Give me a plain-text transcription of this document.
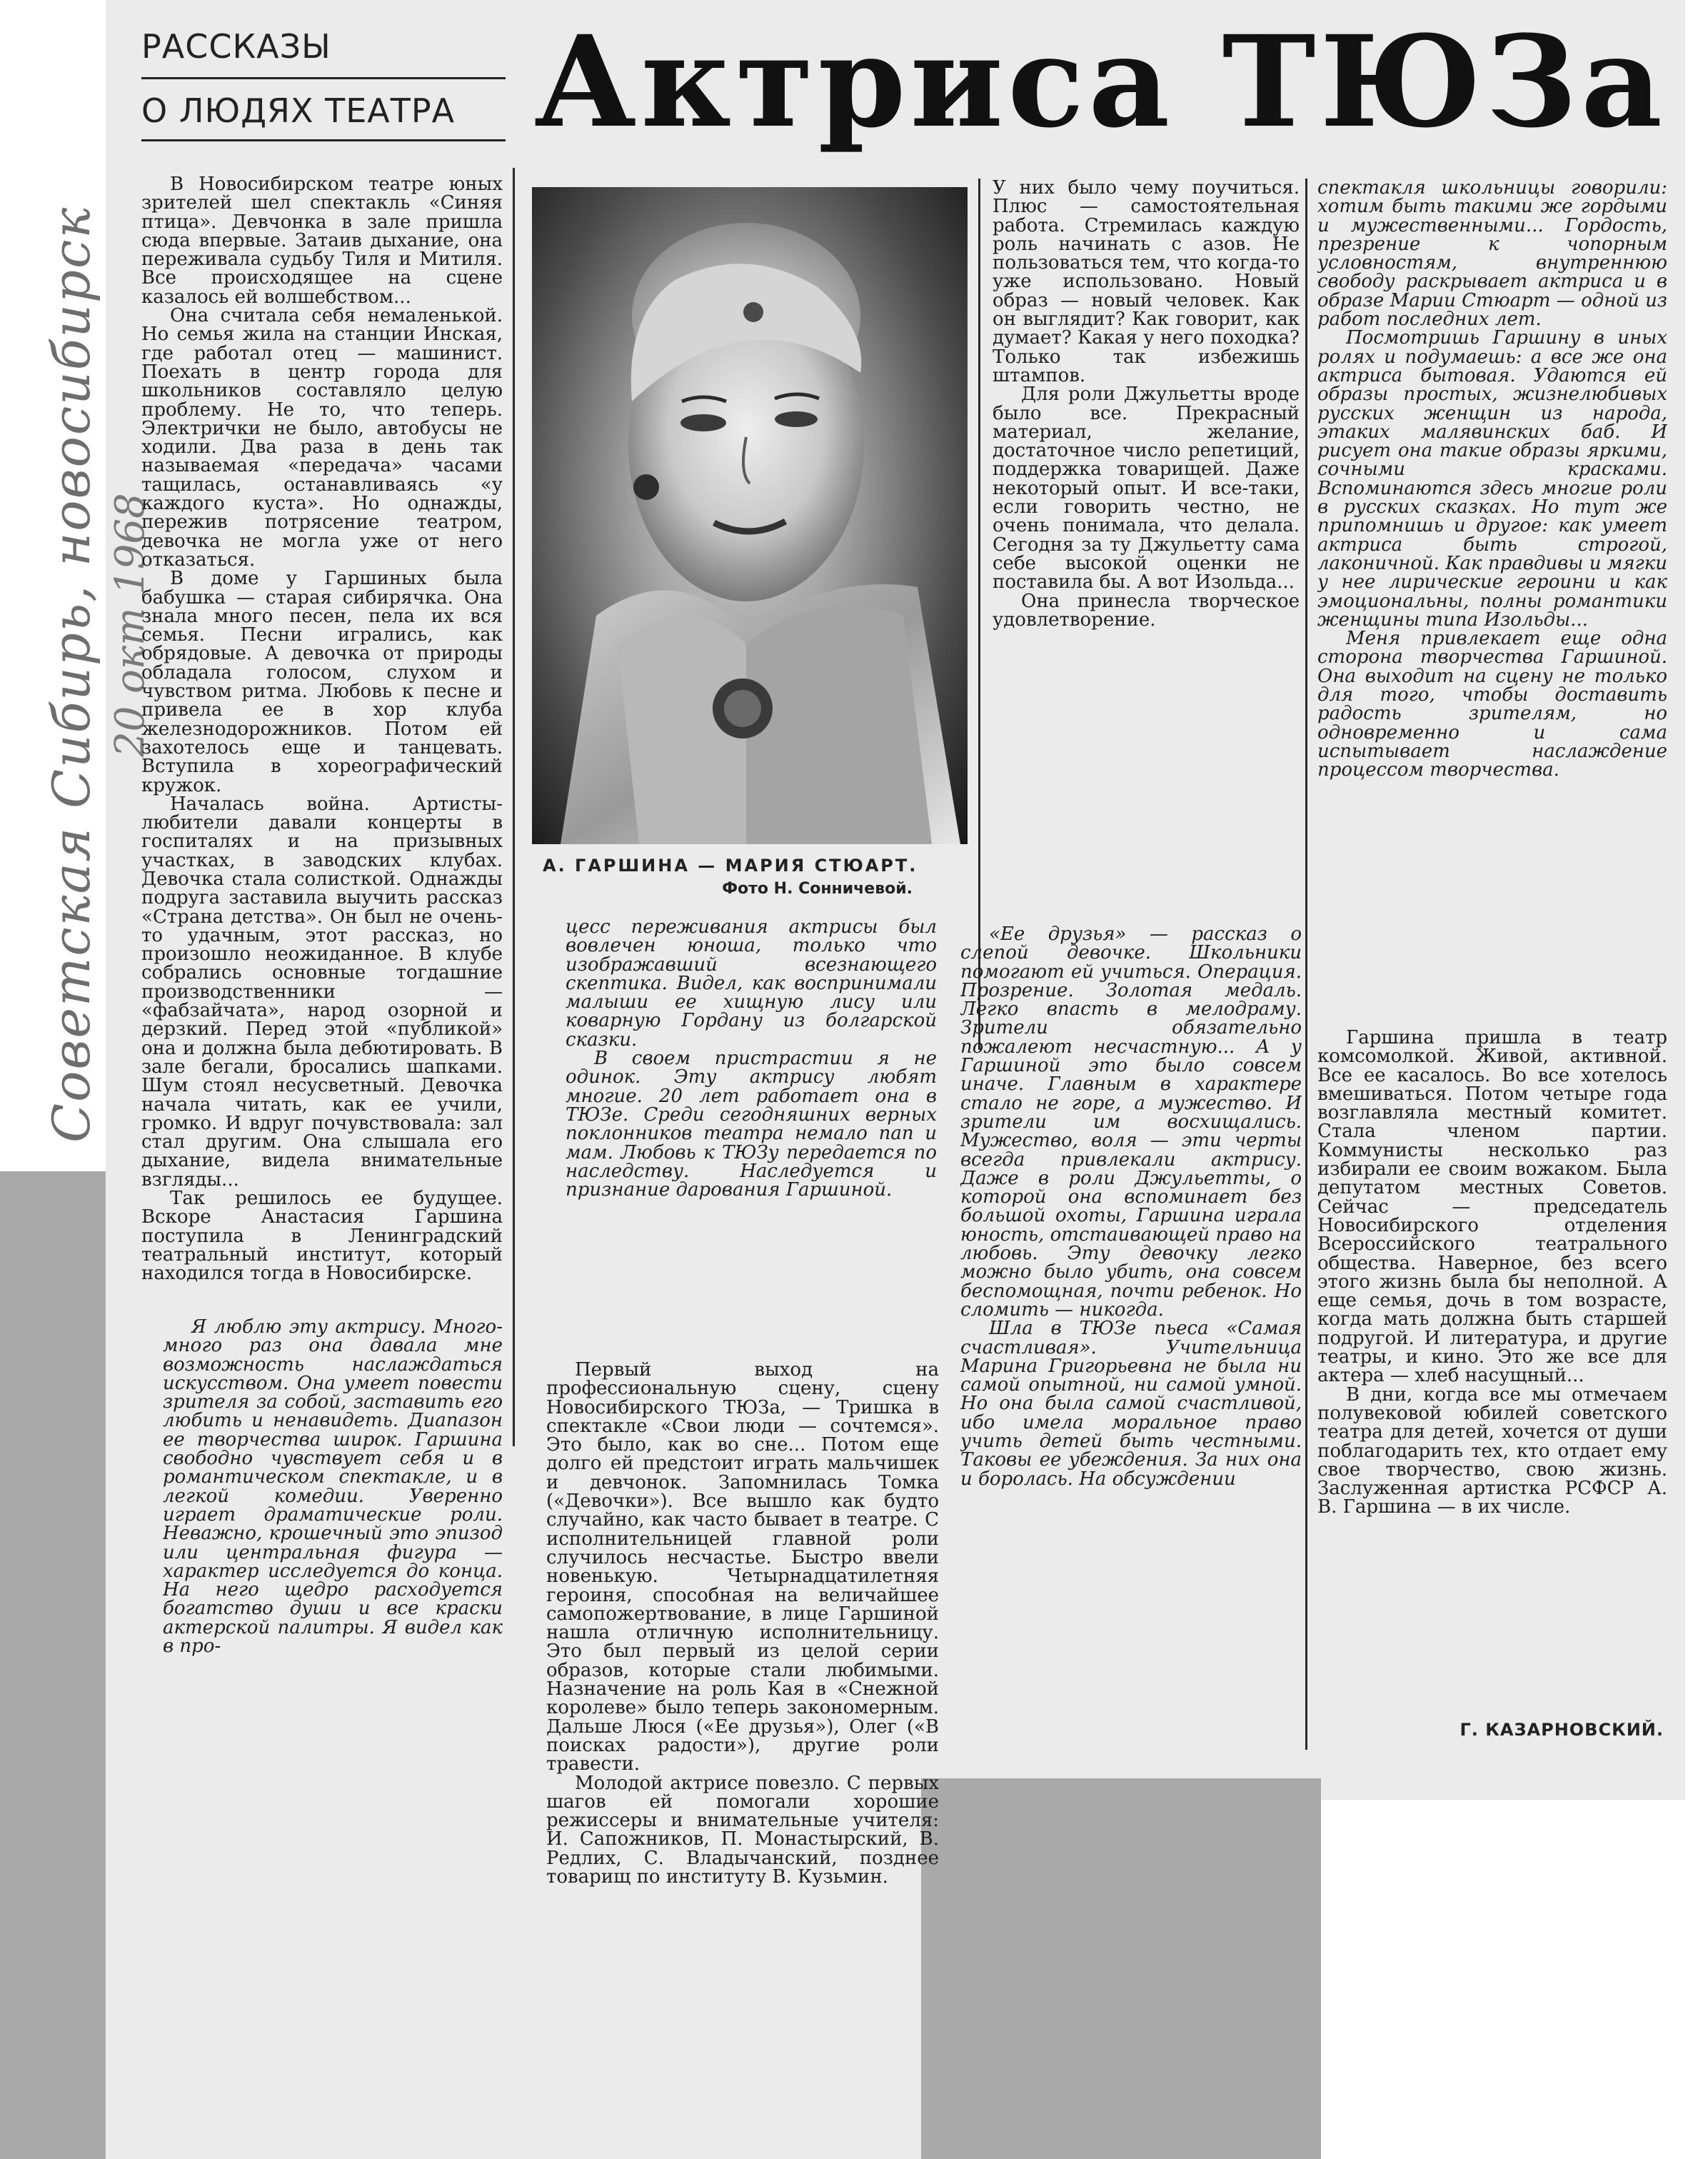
Советская Сибирь, новосибирск 20 окт 1968
РАССКАЗЫ
О ЛЮДЯХ ТЕАТРА Актриса ТЮЗа
А. ГАРШИНА — МАРИЯ СТЮАРТ.
Фото Н. Сонничевой.

В Новосибирском театре юных зрителей шел спектакль «Синяя птица». Девчонка в зале пришла сюда впервые. Затаив дыхание, она переживала судьбу Тиля и Митиля. Все происходящее на сцене казалось ей волшебством...

Она считала себя немаленькой. Но семья жила на станции Инская, где работал отец — машинист. Поехать в центр города для школьников составляло целую проблему. Не то, что теперь. Электрички не было, автобусы не ходили. Два раза в день так называемая «передача» часами тащилась, останавливаясь «у каждого куста». Но однажды, пережив потрясение театром, девочка не могла уже от него отказаться.

В доме у Гаршиных была бабушка — старая сибирячка. Она знала много песен, пела их вся семья. Песни игрались, как обрядовые. А девочка от природы обладала голосом, слухом и чувством ритма. Любовь к песне и привела ее в хор клуба железнодорожников. Потом ей захотелось еще и танцевать. Вступила в хореографический кружок.

Началась война. Артисты-любители давали концерты в госпиталях и на призывных участках, в заводских клубах. Девочка стала солисткой. Однажды подруга заставила выучить рассказ «Страна детства». Он был не очень-то удачным, этот рассказ, но произошло неожиданное. В клубе собрались основные тогдашние производственники — «фабзайчата», народ озорной и дерзкий. Перед этой «публикой» она и должна была дебютировать. В зале бегали, бросались шапками. Шум стоял несусветный. Девочка начала читать, как ее учили, громко. И вдруг почувствовала: зал стал другим. Она слышала его дыхание, видела внимательные взгляды...

Так решилось ее будущее. Вскоре Анастасия Гаршина поступила в Ленинградский театральный институт, который находился тогда в Новосибирске.

Я люблю эту актрису. Много-много раз она давала мне возможность наслаждаться искусством. Она умеет повести зрителя за собой, заставить его любить и ненавидеть. Диапазон ее творчества широк. Гаршина свободно чувствует себя и в романтическом спектакле, и в легкой комедии. Уверенно играет драматические роли. Неважно, крошечный это эпизод или центральная фигура — характер исследуется до конца. На него щедро расходуется богатство души и все краски актерской палитры. Я видел как в про-

цесс переживания актрисы был вовлечен юноша, только что изображавший всезнающего скептика. Видел, как воспринимали малыши ее хищную лису или коварную Гордану из болгарской сказки.

В своем пристрастии я не одинок. Эту актрису любят многие. 20 лет работает она в ТЮЗе. Среди сегодняшних верных поклонников театра немало пап и мам. Любовь к ТЮЗу передается по наследству. Наследуется и признание дарования Гаршиной.

Первый выход на профессиональную сцену, сцену Новосибирского ТЮЗа, — Тришка в спектакле «Свои люди — сочтемся». Это было, как во сне... Потом еще долго ей предстоит играть мальчишек и девчонок. Запомнилась Томка («Девочки»). Все вышло как будто случайно, как часто бывает в театре. С исполнительницей главной роли случилось несчастье. Быстро ввели новенькую. Четырнадцатилетняя героиня, способная на величайшее самопожертвование, в лице Гаршиной нашла отличную исполнительницу. Это был первый из целой серии образов, которые стали любимыми. Назначение на роль Кая в «Снежной королеве» было теперь закономерным. Дальше Люся («Ее друзья»), Олег («В поисках радости»), другие роли травести.

Молодой актрисе повезло. С первых шагов ей помогали хорошие режиссеры и внимательные учителя: И. Сапожников, П. Монастырский, В. Редлих, С. Владычанский, позднее товарищ по институту В. Кузьмин.

У них было чему поучиться. Плюс — самостоятельная работа. Стремилась каждую роль начинать с азов. Не пользоваться тем, что когда-то уже использовано. Новый образ — новый человек. Как он выглядит? Как говорит, как думает? Какая у него походка? Только так избежишь штампов.

Для роли Джульетты вроде было все. Прекрасный материал, желание, достаточное число репетиций, поддержка товарищей. Даже некоторый опыт. И все-таки, если говорить честно, не очень понимала, что делала. Сегодня за ту Джульетту сама себе высокой оценки не поставила бы. А вот Изольда...

Она принесла творческое удовлетворение.

«Ее друзья» — рассказ о слепой девочке. Школьники помогают ей учиться. Операция. Прозрение. Золотая медаль. Легко впасть в мелодраму. Зрители обязательно пожалеют несчастную... А у Гаршиной это было совсем иначе. Главным в характере стало не горе, а мужество. И зрители им восхищались. Мужество, воля — эти черты всегда привлекали актрису. Даже в роли Джульетты, о которой она вспоминает без большой охоты, Гаршина играла юность, отстаивающей право на любовь. Эту девочку легко можно было убить, она совсем беспомощная, почти ребенок. Но сломить — никогда.

Шла в ТЮЗе пьеса «Самая счастливая». Учительница Марина Григорьевна не была ни самой опытной, ни самой умной. Но она была самой счастливой, ибо имела моральное право учить детей быть честными. Таковы ее убеждения. За них она и боролась. На обсуждении

спектакля школьницы говорили: хотим быть такими же гордыми и мужественными... Гордость, презрение к чопорным условностям, внутреннюю свободу раскрывает актриса и в образе Марии Стюарт — одной из работ последних лет.

Посмотришь Гаршину в иных ролях и подумаешь: а все же она актриса бытовая. Удаются ей образы простых, жизнелюбивых русских женщин из народа, этаких малявинских баб. И рисует она такие образы яркими, сочными красками. Вспоминаются здесь многие роли в русских сказках. Но тут же припомнишь и другое: как умеет актриса быть строгой, лаконичной. Как правдивы и мягки у нее лирические героини и как эмоциональны, полны романтики женщины типа Изольды...

Меня привлекает еще одна сторона творчества Гаршиной. Она выходит на сцену не только для того, чтобы доставить радость зрителям, но одновременно и сама испытывает наслаждение процессом творчества.

Гаршина пришла в театр комсомолкой. Живой, активной. Все ее касалось. Во все хотелось вмешиваться. Потом четыре года возглавляла местный комитет. Стала членом партии. Коммунисты несколько раз избирали ее своим вожаком. Была депутатом местных Советов. Сейчас — председатель Новосибирского отделения Всероссийского театрального общества. Наверное, без всего этого жизнь была бы неполной. А еще семья, дочь в том возрасте, когда мать должна быть старшей подругой. И литература, и другие театры, и кино. Это же все для актера — хлеб насущный...

В дни, когда все мы отмечаем полувековой юбилей советского театра для детей, хочется от души поблагодарить тех, кто отдает ему свое творчество, свою жизнь. Заслуженная артистка РСФСР А. В. Гаршина — в их числе.

Г. КАЗАРНОВСКИЙ.
